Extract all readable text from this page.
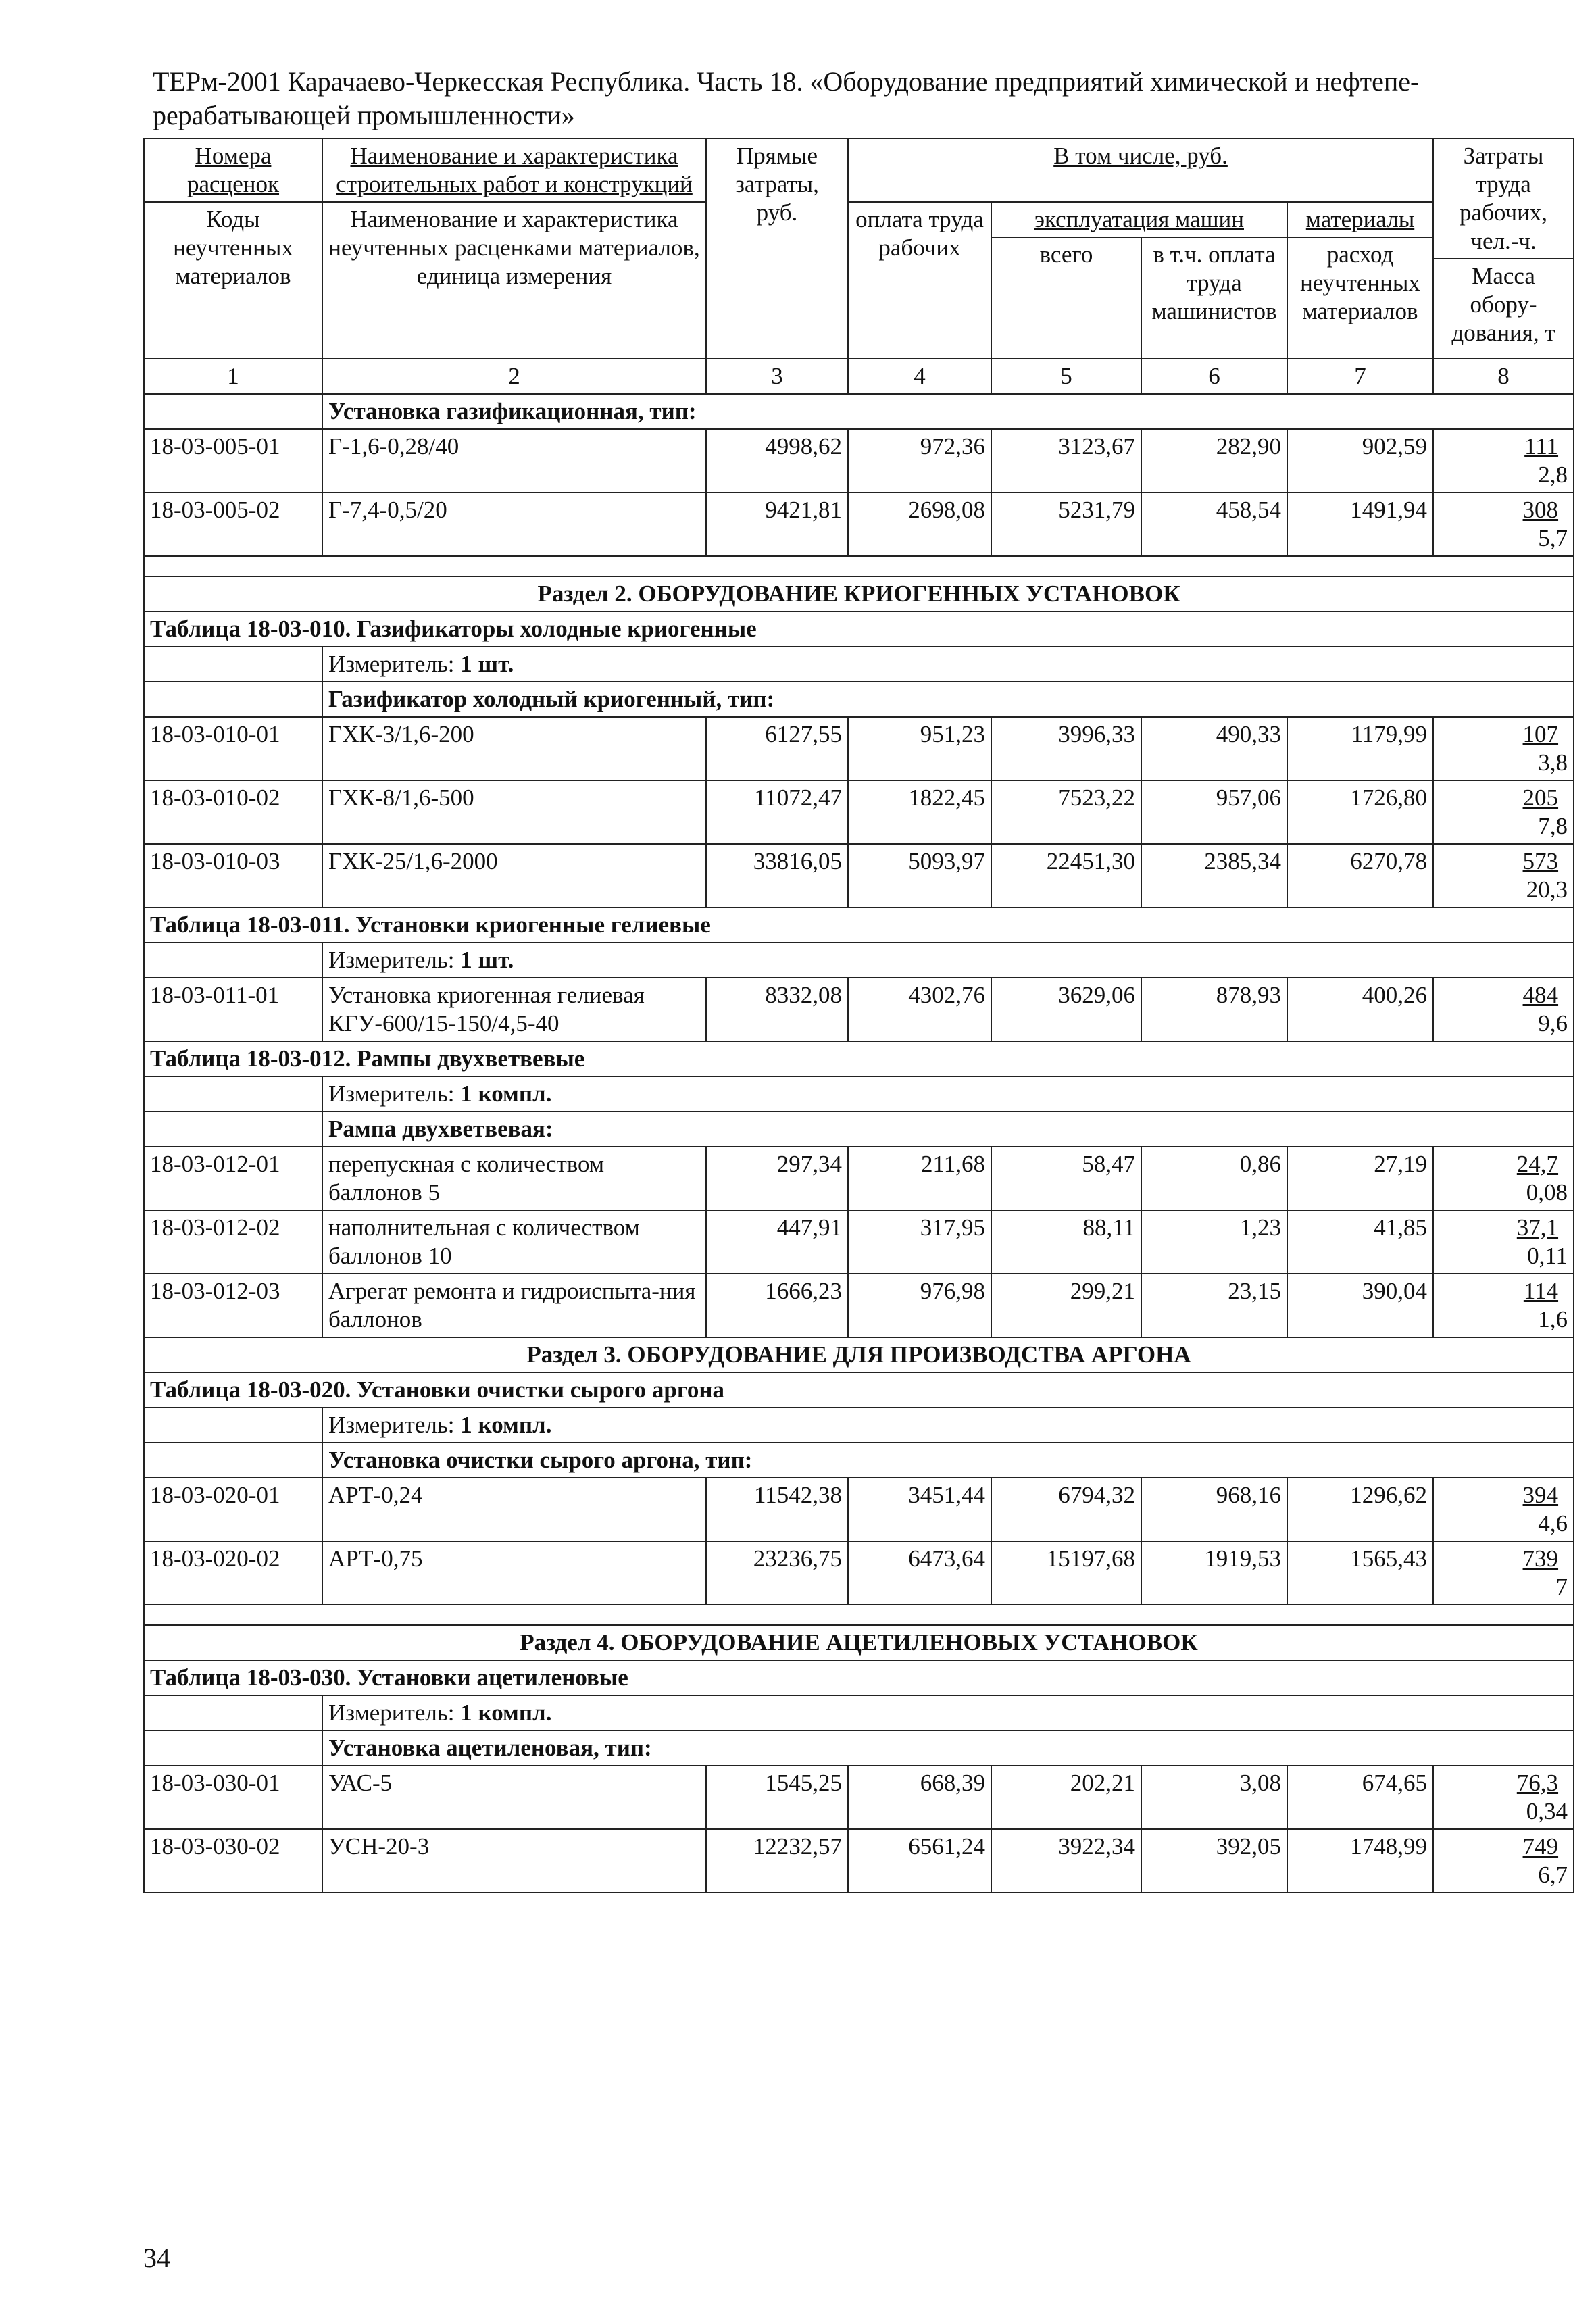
ТЕРм-2001 Карачаево-Черкесская Республика. Часть 18. «Оборудование предприятий химической и нефтепе-рерабатывающей промышленности»
Номера расценок	Наименование и характеристика строительных работ и конструкций	Прямые затраты, руб.	В том числе, руб.				Затраты труда рабочих, чел.-ч.
Масса обору-дования, т

Коды неучтенных материалов	Наименование и характеристика неучтенных расценками материалов, единица измерения		оплата труда рабочих	эксплуатация машин		материалы	
				всего	в т.ч. оплата труда машинистов	расход неучтенных материалов	
1	2	3	4	5	6	7	8
	Установка газификационная, тип:						
18-03-005-01	Г-1,6-0,28/40	4998,62	972,36	3123,67	282,90	902,59	111
2,8

18-03-005-02	Г-7,4-0,5/20	9421,81	2698,08	5231,79	458,54	1491,94	308
5,7

Раздел 2. ОБОРУДОВАНИЕ КРИОГЕННЫХ УСТАНОВОК							
Таблица 18-03-010. Газификаторы холодные криогенные							
	Измеритель: 1 шт.						
	Газификатор холодный криогенный, тип:						
18-03-010-01	ГХК-3/1,6-200	6127,55	951,23	3996,33	490,33	1179,99	107
3,8

18-03-010-02	ГХК-8/1,6-500	11072,47	1822,45	7523,22	957,06	1726,80	205
7,8

18-03-010-03	ГХК-25/1,6-2000	33816,05	5093,97	22451,30	2385,34	6270,78	573
20,3

Таблица 18-03-011. Установки криогенные гелиевые							
	Измеритель: 1 шт.						
18-03-011-01	Установка криогенная гелиевая КГУ-600/15-150/4,5-40	8332,08	4302,76	3629,06	878,93	400,26	484
9,6

Таблица 18-03-012. Рампы двухветвевые							
	Измеритель: 1 компл.						
	Рампа двухветвевая:						
18-03-012-01	перепускная с количеством баллонов 5	297,34	211,68	58,47	0,86	27,19	24,7
0,08

18-03-012-02	наполнительная с количеством баллонов 10	447,91	317,95	88,11	1,23	41,85	37,1
0,11

18-03-012-03	Агрегат ремонта и гидроиспыта-ния баллонов	1666,23	976,98	299,21	23,15	390,04	114
1,6

Раздел 3. ОБОРУДОВАНИЕ ДЛЯ ПРОИЗВОДСТВА АРГОНА							
Таблица 18-03-020. Установки очистки сырого аргона							
	Измеритель: 1 компл.						
	Установка очистки сырого аргона, тип:						
18-03-020-01	АРТ-0,24	11542,38	3451,44	6794,32	968,16	1296,62	394
4,6

18-03-020-02	АРТ-0,75	23236,75	6473,64	15197,68	1919,53	1565,43	739
7

Раздел 4. ОБОРУДОВАНИЕ АЦЕТИЛЕНОВЫХ УСТАНОВОК							
Таблица 18-03-030. Установки ацетиленовые							
	Измеритель: 1 компл.						
	Установка ацетиленовая, тип:						
18-03-030-01	УАС-5	1545,25	668,39	202,21	3,08	674,65	76,3
0,34

18-03-030-02	УСН-20-3	12232,57	6561,24	3922,34	392,05	1748,99	749
6,7
34
